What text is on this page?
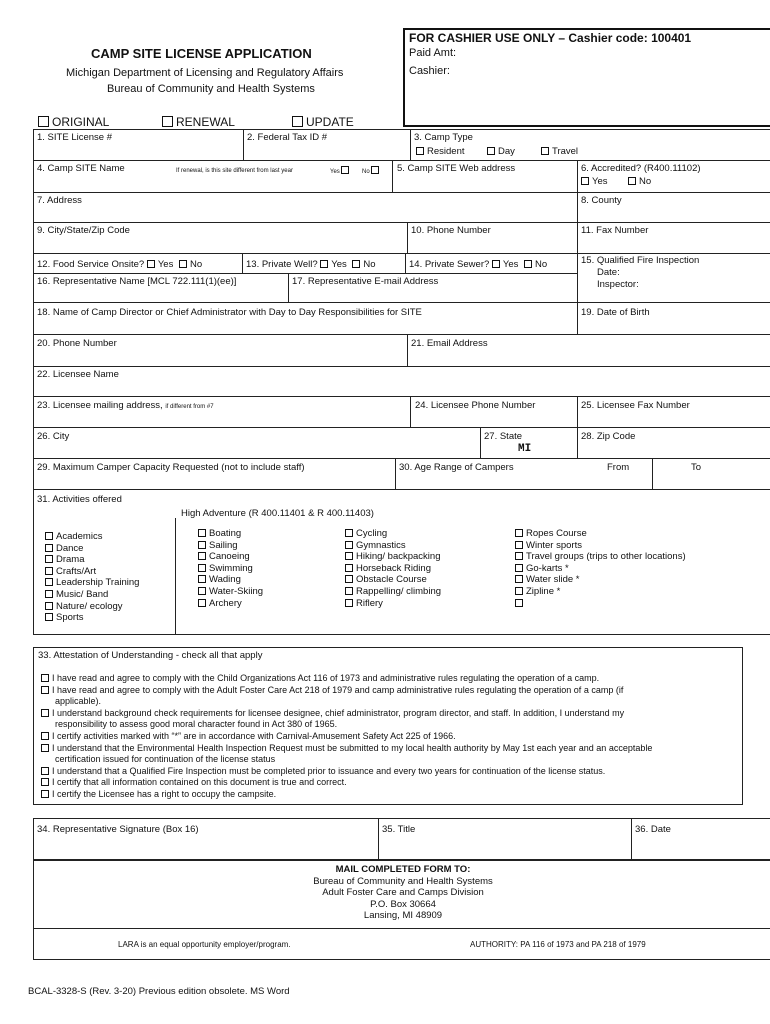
CAMP SITE LICENSE APPLICATION
Michigan Department of Licensing and Regulatory Affairs
Bureau of Community and Health Systems
FOR CASHIER USE ONLY – Cashier code: 100401
Paid Amt:
Cashier:
ORIGINAL	RENEWAL	UPDATE
1. SITE License #	2. Federal Tax ID #	3. Camp Type
Resident	Day	Travel
4. Camp SITE Name	If renewal, is this site different from last year	Yes	No	5. Camp SITE Web address	6. Accredited? (R400.11102)
Yes	No
7. Address	8. County
9. City/State/Zip Code	10. Phone Number	11. Fax Number
12. Food Service Onsite? Yes No	13. Private Well? Yes No	14. Private Sewer? Yes No	15. Qualified Fire Inspection
Date:
Inspector:
16. Representative Name [MCL 722.111(1)(ee)]	17. Representative E-mail Address
18. Name of Camp Director or Chief Administrator with Day to Day Responsibilities for SITE	19. Date of Birth
20. Phone Number	21. Email Address
22. Licensee Name
23. Licensee mailing address, if different from #7	24. Licensee Phone Number	25. Licensee Fax Number
26. City	27. State
MI
28. Zip Code
29. Maximum Camper Capacity Requested (not to include staff)	30. Age Range of Campers	From	To
31. Activities offered
High Adventure (R 400.11401 & R 400.11403)
Academics
Dance
Drama
Crafts/Art
Leadership Training
Music/ Band
Nature/ ecology
Sports
Boating
Sailing
Canoeing
Swimming
Wading
Water-Skiing
Archery
Cycling
Gymnastics
Hiking/ backpacking
Horseback Riding
Obstacle Course
Rappelling/ climbing
Riflery
Ropes Course
Winter sports
Travel groups (trips to other locations)
Go-karts *
Water slide *
Zipline *
33. Attestation of Understanding - check all that apply
I have read and agree to comply with the Child Organizations Act 116 of 1973 and administrative rules regulating the operation of a camp.
I have read and agree to comply with the Adult Foster Care Act 218 of 1979 and camp administrative rules regulating the operation of a camp (if
applicable).
I understand background check requirements for licensee designee, chief administrator, program director, and staff. In addition, I understand my
responsibility to assess good moral character found in Act 380 of 1965.
I certify activities marked with “*” are in accordance with Carnival-Amusement Safety Act 225 of 1966.
I understand that the Environmental Health Inspection Request must be submitted to my local health authority by May 1st each year and an acceptable
certification issued for continuation of the license status
I understand that a Qualified Fire Inspection must be completed prior to issuance and every two years for continuation of the license status.
I certify that all information contained on this document is true and correct.
I certify the Licensee has a right to occupy the campsite.
34. Representative Signature (Box 16)	35. Title	36. Date
MAIL COMPLETED FORM TO:
Bureau of Community and Health Systems
Adult Foster Care and Camps Division
P.O. Box 30664
Lansing, MI 48909
LARA is an equal opportunity employer/program.	AUTHORITY: PA 116 of 1973 and PA 218 of 1979
BCAL-3328-S (Rev. 3-20) Previous edition obsolete. MS Word
